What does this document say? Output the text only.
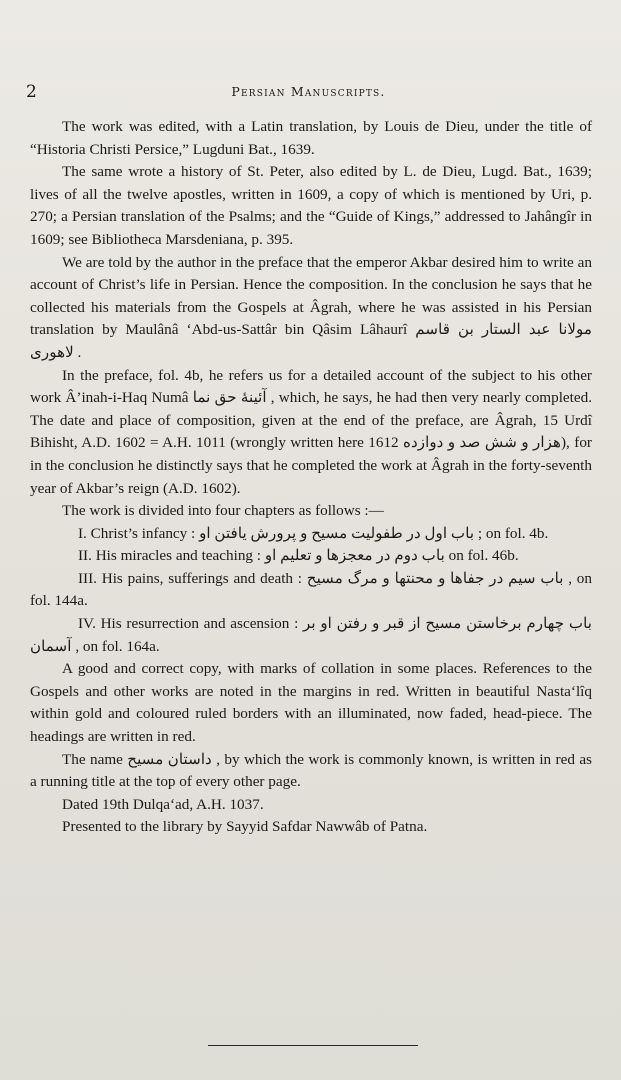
2	Persian Manuscripts.

The work was edited, with a Latin translation, by Louis de Dieu, under the title of “Historia Christi Persice,” Lugduni Bat., 1639.

The same wrote a history of St. Peter, also edited by L. de Dieu, Lugd. Bat., 1639; lives of all the twelve apostles, written in 1609, a copy of which is mentioned by Uri, p. 270; a Persian translation of the Psalms; and the “Guide of Kings,” addressed to Jahângîr in 1609; see Bibliotheca Marsdeniana, p. 395.

We are told by the author in the preface that the emperor Akbar desired him to write an account of Christ’s life in Persian. Hence the composition. In the conclusion he says that he collected his materials from the Gospels at Âgrah, where he was assisted in his Persian translation by Maulânâ ‘Abd-us-Sattâr bin Qâsim Lâhaurî مولانا عبد الستار بن قاسم لاهوری .

In the preface, fol. 4b, he refers us for a detailed account of the subject to his other work Â’inah-i-Haq Numâ آئینهٔ حق نما , which, he says, he had then very nearly completed. The date and place of composition, given at the end of the preface, are Âgrah, 15 Urdî Bihisht, A.D. 1602 = A.H. 1011 (wrongly written here 1612 هزار و شش صد و دوازده), for in the conclusion he distinctly says that he completed the work at Âgrah in the forty-seventh year of Akbar’s reign (A.D. 1602).

The work is divided into four chapters as follows :—

I. Christ’s infancy : باب اول در طفولیت مسیح و پرورش یافتن او ; on fol. 4b.

II. His miracles and teaching : باب دوم در معجزها و تعلیم او on fol. 46b.

III. His pains, sufferings and death : باب سیم در جفاها و محنتها و مرگ مسیح , on fol. 144a.

IV. His resurrection and ascension : باب چهارم برخاستن مسیح از قبر و رفتن او بر آسمان , on fol. 164a.

A good and correct copy, with marks of collation in some places. References to the Gospels and other works are noted in the margins in red. Written in beautiful Nasta‘lîq within gold and coloured ruled borders with an illuminated, now faded, head-piece. The headings are written in red.

The name داستان مسیح , by which the work is commonly known, is written in red as a running title at the top of every other page.

Dated 19th Dulqa‘ad, A.H. 1037.

Presented to the library by Sayyid Safdar Nawwâb of Patna.
